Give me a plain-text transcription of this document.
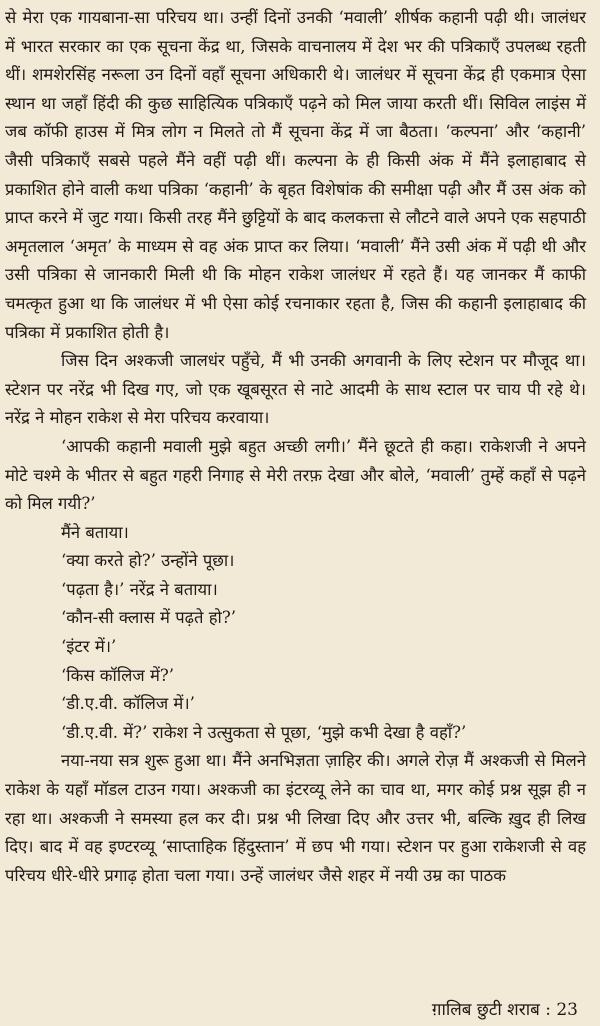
से मेरा एक गायबाना-सा परिचय था। उन्हीं दिनों उनकी ‘मवाली’ शीर्षक कहानी पढ़ी थी। जालंधर में भारत सरकार का एक सूचना केंद्र था, जिसके वाचनालय में देश भर की पत्रिकाएँ उपलब्ध रहती थीं। शमशेरसिंह नरूला उन दिनों वहाँ सूचना अधिकारी थे। जालंधर में सूचना केंद्र ही एकमात्र ऐसा स्थान था जहाँ हिंदी की कुछ साहित्यिक पत्रिकाएँ पढ़ने को मिल जाया करती थीं। सिविल लाइंस में जब कॉफी हाउस में मित्र लोग न मिलते तो मैं सूचना केंद्र में जा बैठता। ‘कल्पना’ और ‘कहानी’ जैसी पत्रिकाएँ सबसे पहले मैंने वहीं पढ़ी थीं। कल्पना के ही किसी अंक में मैंने इलाहाबाद से प्रकाशित होने वाली कथा पत्रिका ‘कहानी’ के बृहत विशेषांक की समीक्षा पढ़ी और मैं उस अंक को प्राप्त करने में जुट गया। किसी तरह मैंने छुट्टियों के बाद कलकत्ता से लौटने वाले अपने एक सहपाठी अमृतलाल ‘अमृत’ के माध्यम से वह अंक प्राप्त कर लिया। ‘मवाली’ मैंने उसी अंक में पढ़ी थी और उसी पत्रिका से जानकारी मिली थी कि मोहन राकेश जालंधर में रहते हैं। यह जानकर मैं काफी चमत्कृत हुआ था कि जालंधर में भी ऐसा कोई रचनाकार रहता है, जिस की कहानी इलाहाबाद की पत्रिका में प्रकाशित होती है।

जिस दिन अश्कजी जालधंर पहुँचे, मैं भी उनकी अगवानी के लिए स्टेशन पर मौजूद था। स्टेशन पर नरेंद्र भी दिख गए, जो एक खूबसूरत से नाटे आदमी के साथ स्टाल पर चाय पी रहे थे। नरेंद्र ने मोहन राकेश से मेरा परिचय करवाया।

‘आपकी कहानी मवाली मुझे बहुत अच्छी लगी।’ मैंने छूटते ही कहा। राकेशजी ने अपने मोटे चश्मे के भीतर से बहुत गहरी निगाह से मेरी तरफ़ देखा और बोले, ‘मवाली’ तुम्हें कहाँ से पढ़ने को मिल गयी?’

मैंने बताया।

‘क्या करते हो?’ उन्होंने पूछा।

‘पढ़ता है।’ नरेंद्र ने बताया।

‘कौन-सी क्लास में पढ़ते हो?’

‘इंटर में।’

‘किस कॉलिज में?’

‘डी.ए.वी. कॉलिज में।’

‘डी.ए.वी. में?’ राकेश ने उत्सुकता से पूछा, ‘मुझे कभी देखा है वहाँ?’

नया-नया सत्र शुरू हुआ था। मैंने अनभिज्ञता ज़ाहिर की। अगले रोज़ मैं अश्कजी से मिलने राकेश के यहाँ मॉडल टाउन गया। अश्कजी का इंटरव्यू लेने का चाव था, मगर कोई प्रश्न सूझ ही न रहा था। अश्कजी ने समस्या हल कर दी। प्रश्न भी लिखा दिए और उत्तर भी, बल्कि ख़ुद ही लिख दिए। बाद में वह इण्टरव्यू ‘साप्ताहिक हिंदुस्तान’ में छप भी गया। स्टेशन पर हुआ राकेशजी से वह परिचय धीरे-धीरे प्रगाढ़ होता चला गया। उन्हें जालंधर जैसे शहर में नयी उम्र का पाठक

ग़ालिब छुटी शराब : 23
